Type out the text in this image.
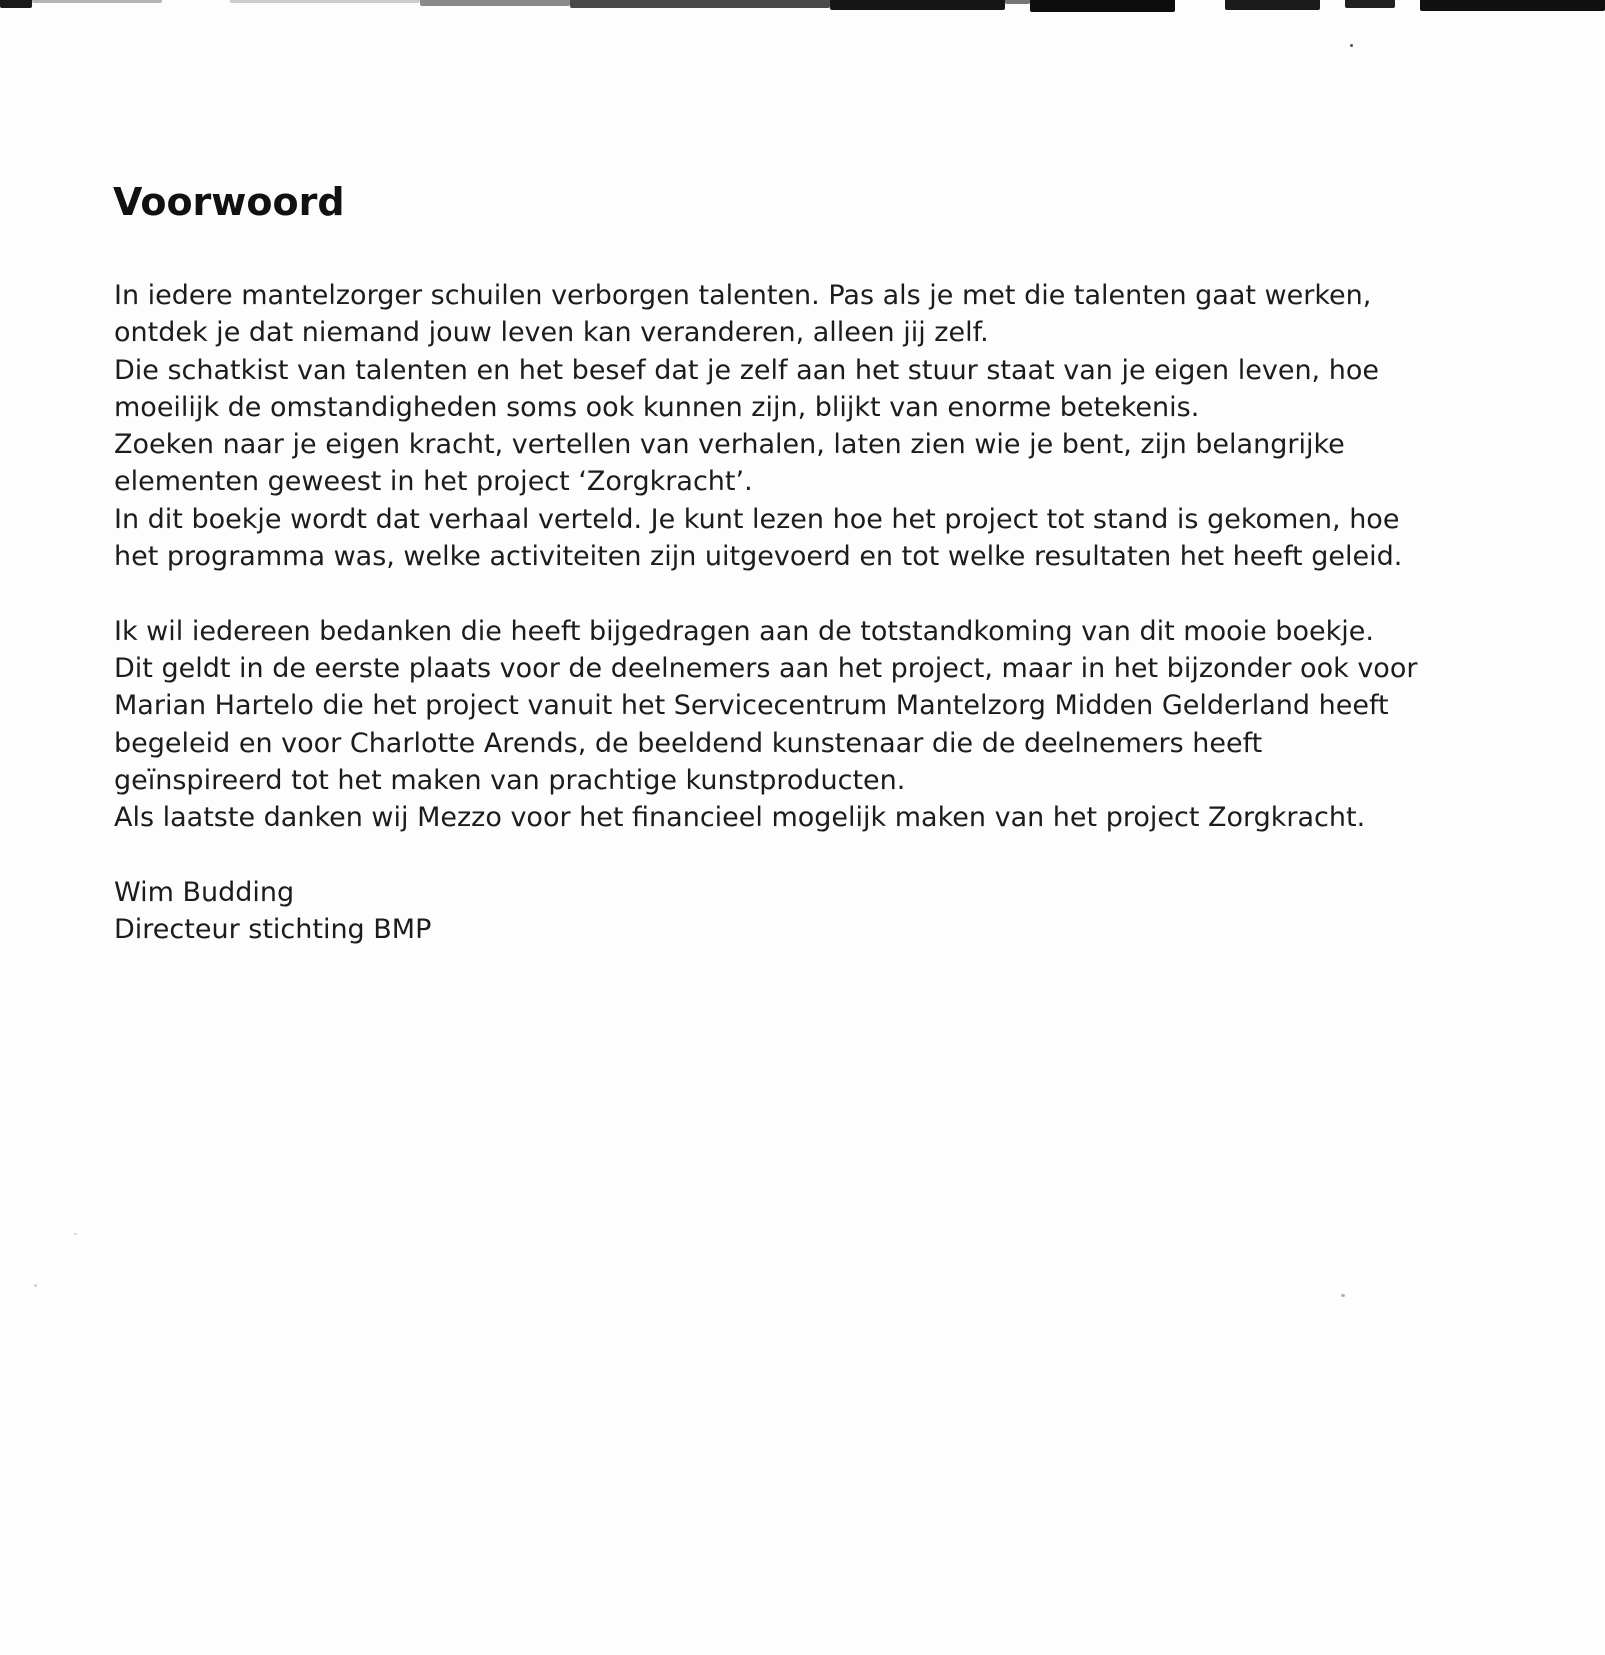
Voorwoord
In iedere mantelzorger schuilen verborgen talenten. Pas als je met die talenten gaat werken,
ontdek je dat niemand jouw leven kan veranderen, alleen jij zelf.
Die schatkist van talenten en het besef dat je zelf aan het stuur staat van je eigen leven, hoe
moeilijk de omstandigheden soms ook kunnen zijn, blijkt van enorme betekenis.
Zoeken naar je eigen kracht, vertellen van verhalen, laten zien wie je bent, zijn belangrijke
elementen geweest in het project ‘Zorgkracht’.
In dit boekje wordt dat verhaal verteld. Je kunt lezen hoe het project tot stand is gekomen, hoe
het programma was, welke activiteiten zijn uitgevoerd en tot welke resultaten het heeft geleid.
Ik wil iedereen bedanken die heeft bijgedragen aan de totstandkoming van dit mooie boekje.
Dit geldt in de eerste plaats voor de deelnemers aan het project, maar in het bijzonder ook voor
Marian Hartelo die het project vanuit het Servicecentrum Mantelzorg Midden Gelderland heeft
begeleid en voor Charlotte Arends, de beeldend kunstenaar die de deelnemers heeft
geïnspireerd tot het maken van prachtige kunstproducten.
Als laatste danken wij Mezzo voor het financieel mogelijk maken van het project Zorgkracht.
Wim Budding
Directeur stichting BMP
